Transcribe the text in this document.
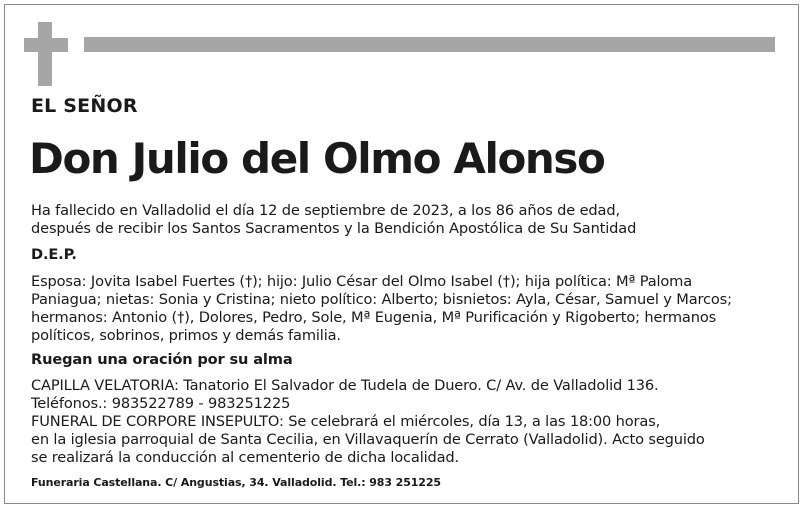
EL SEÑOR
Don Julio del Olmo Alonso
Ha fallecido en Valladolid el día 12 de septiembre de 2023, a los 86 años de edad,
después de recibir los Santos Sacramentos y la Bendición Apostólica de Su Santidad
D.E.P.
Esposa: Jovita Isabel Fuertes (†); hijo: Julio César del Olmo Isabel (†); hija política: Mª Paloma
Paniagua; nietas: Sonia y Cristina; nieto político: Alberto; bisnietos: Ayla, César, Samuel y Marcos;
hermanos: Antonio (†), Dolores, Pedro, Sole, Mª Eugenia, Mª Purificación y Rigoberto; hermanos
políticos, sobrinos, primos y demás familia.
Ruegan una oración por su alma
CAPILLA VELATORIA: Tanatorio El Salvador de Tudela de Duero. C/ Av. de Valladolid 136.
Teléfonos.: 983522789 - 983251225
FUNERAL DE CORPORE INSEPULTO: Se celebrará el miércoles, día 13, a las 18:00 horas,
en la iglesia parroquial de Santa Cecilia, en Villavaquerín de Cerrato (Valladolid). Acto seguido
se realizará la conducción al cementerio de dicha localidad.
Funeraria Castellana. C/ Angustias, 34. Valladolid. Tel.: 983 251225
